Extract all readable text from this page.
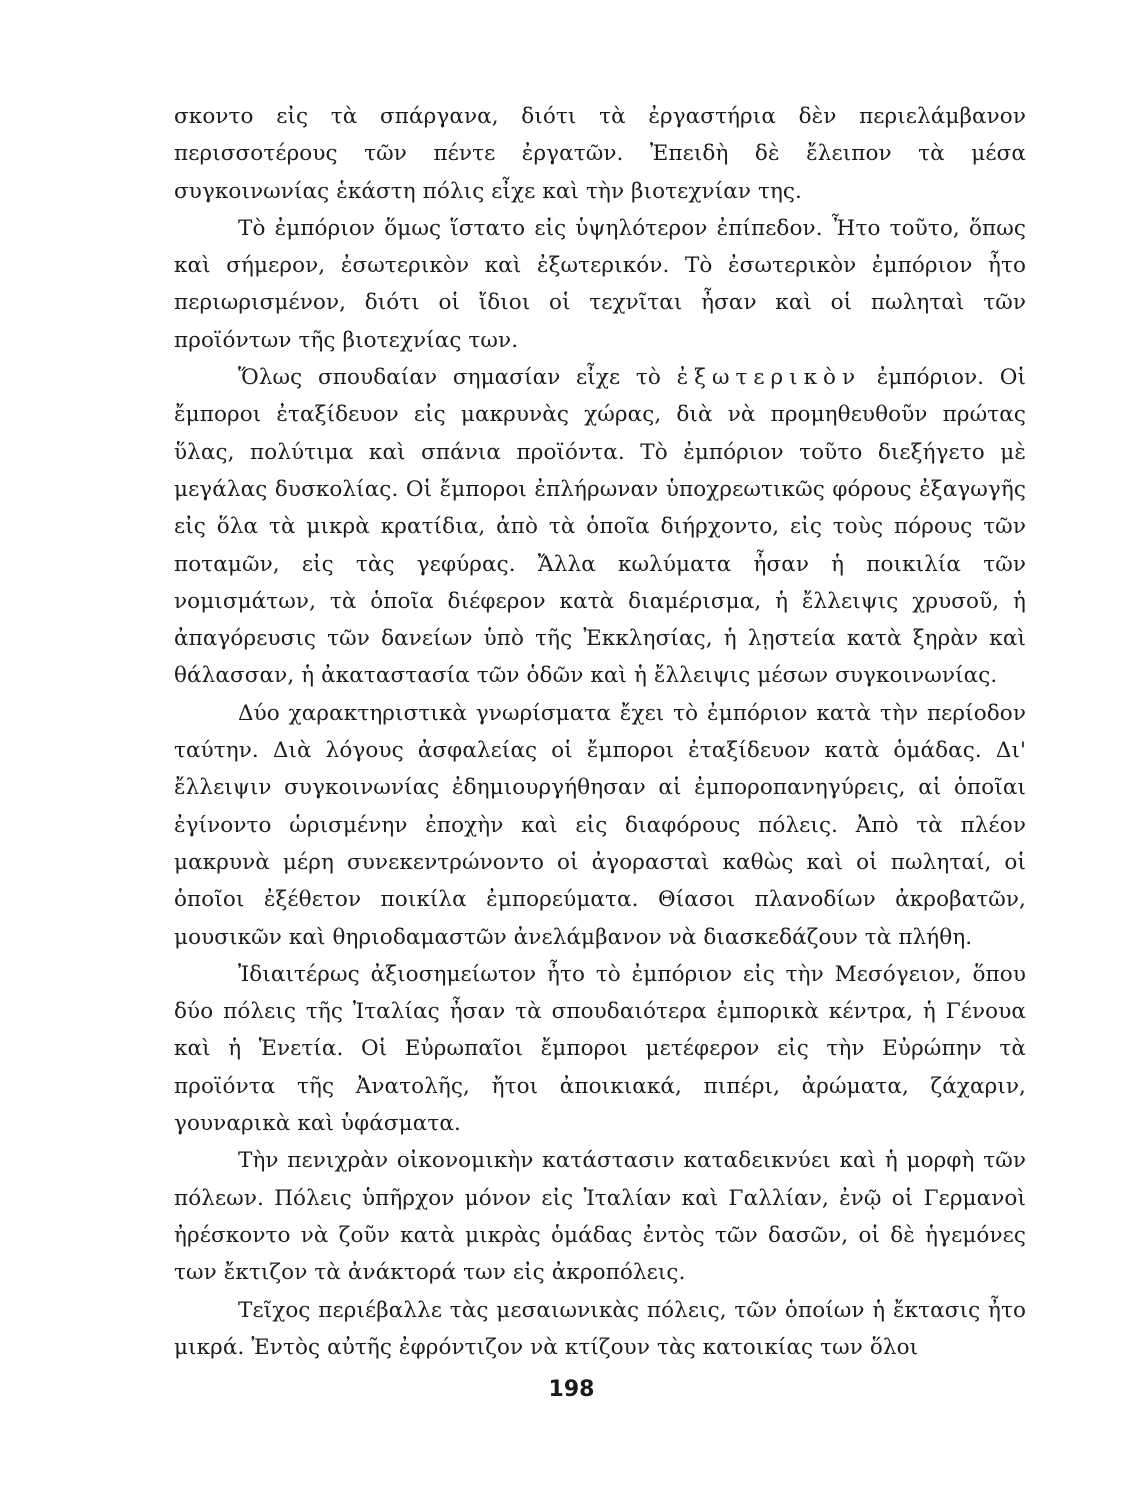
σκοντο εἰς τὰ σπάργανα, διότι τὰ ἐργαστήρια δὲν περιελάμβανον περισσοτέρους τῶν πέντε ἐργατῶν. Ἐπειδὴ δὲ ἔλειπον τὰ μέσα συγκοινωνίας ἑκάστη πόλις εἶχε καὶ τὴν βιοτεχνίαν της.

Τὸ ἐμπόριον ὅμως ἵστατο εἰς ὑψηλότερον ἐπίπεδον. Ἦτο τοῦτο, ὅπως καὶ σήμερον, ἐσωτερικὸν καὶ ἐξωτερικόν. Τὸ ἐσωτερικὸν ἐμπόριον ἦτο περιωρισμένον, διότι οἱ ἴδιοι οἱ τεχνῖται ἦσαν καὶ οἱ πωληταὶ τῶν προϊόντων τῆς βιοτεχνίας των.

Ὅλως σπουδαίαν σημασίαν εἶχε τὸ ἐξωτερικὸν ἐμπόριον. Οἱ ἔμποροι ἐταξίδευον εἰς μακρυνὰς χώρας, διὰ νὰ προμηθευθοῦν πρώτας ὕλας, πολύτιμα καὶ σπάνια προϊόντα. Τὸ ἐμπόριον τοῦτο διεξήγετο μὲ μεγάλας δυσκολίας. Οἱ ἔμποροι ἐπλήρωναν ὑποχρεωτικῶς φόρους ἐξαγωγῆς εἰς ὅλα τὰ μικρὰ κρατίδια, ἀπὸ τὰ ὁποῖα διήρχοντο, εἰς τοὺς πόρους τῶν ποταμῶν, εἰς τὰς γεφύρας. Ἄλλα κωλύματα ἦσαν ἡ ποικιλία τῶν νομισμάτων, τὰ ὁποῖα διέφερον κατὰ διαμέρισμα, ἡ ἔλλειψις χρυσοῦ, ἡ ἀπαγόρευσις τῶν δανείων ὑπὸ τῆς Ἐκκλησίας, ἡ λῃστεία κατὰ ξηρὰν καὶ θάλασσαν, ἡ ἀκαταστασία τῶν ὁδῶν καὶ ἡ ἔλλειψις μέσων συγκοινωνίας.

Δύο χαρακτηριστικὰ γνωρίσματα ἔχει τὸ ἐμπόριον κατὰ τὴν περίοδον ταύτην. Διὰ λόγους ἀσφαλείας οἱ ἔμποροι ἐταξίδευον κατὰ ὁμάδας. Δι' ἔλλειψιν συγκοινωνίας ἐδημιουργήθησαν αἱ ἐμποροπανηγύρεις, αἱ ὁποῖαι ἐγίνοντο ὡρισμένην ἐποχὴν καὶ εἰς διαφόρους πόλεις. Ἀπὸ τὰ πλέον μακρυνὰ μέρη συνεκεντρώνοντο οἱ ἀγορασταὶ καθὼς καὶ οἱ πωληταί, οἱ ὁποῖοι ἐξέθετον ποικίλα ἐμπορεύματα. Θίασοι πλανοδίων ἀκροβατῶν, μουσικῶν καὶ θηριοδαμαστῶν ἀνελάμβανον νὰ διασκεδάζουν τὰ πλήθη.

Ἰδιαιτέρως ἀξιοσημείωτον ἦτο τὸ ἐμπόριον εἰς τὴν Μεσόγειον, ὅπου δύο πόλεις τῆς Ἰταλίας ἦσαν τὰ σπουδαιότερα ἐμπορικὰ κέντρα, ἡ Γένουα καὶ ἡ Ἑνετία. Οἱ Εὐρωπαῖοι ἔμποροι μετέφερον εἰς τὴν Εὐρώπην τὰ προϊόντα τῆς Ἀνατολῆς, ἤτοι ἀποικιακά, πιπέρι, ἀρώματα, ζάχαριν, γουναρικὰ καὶ ὑφάσματα.

Τὴν πενιχρὰν οἰκονομικὴν κατάστασιν καταδεικνύει καὶ ἡ μορφὴ τῶν πόλεων. Πόλεις ὑπῆρχον μόνον εἰς Ἰταλίαν καὶ Γαλλίαν, ἐνῷ οἱ Γερμανοὶ ἠρέσκοντο νὰ ζοῦν κατὰ μικρὰς ὁμάδας ἐντὸς τῶν δασῶν, οἱ δὲ ἡγεμόνες των ἔκτιζον τὰ ἀνάκτορά των εἰς ἀκροπόλεις.

Τεῖχος περιέβαλλε τὰς μεσαιωνικὰς πόλεις, τῶν ὁποίων ἡ ἔκτασις ἦτο μικρά. Ἐντὸς αὐτῆς ἐφρόντιζον νὰ κτίζουν τὰς κατοικίας των ὅλοι

198
